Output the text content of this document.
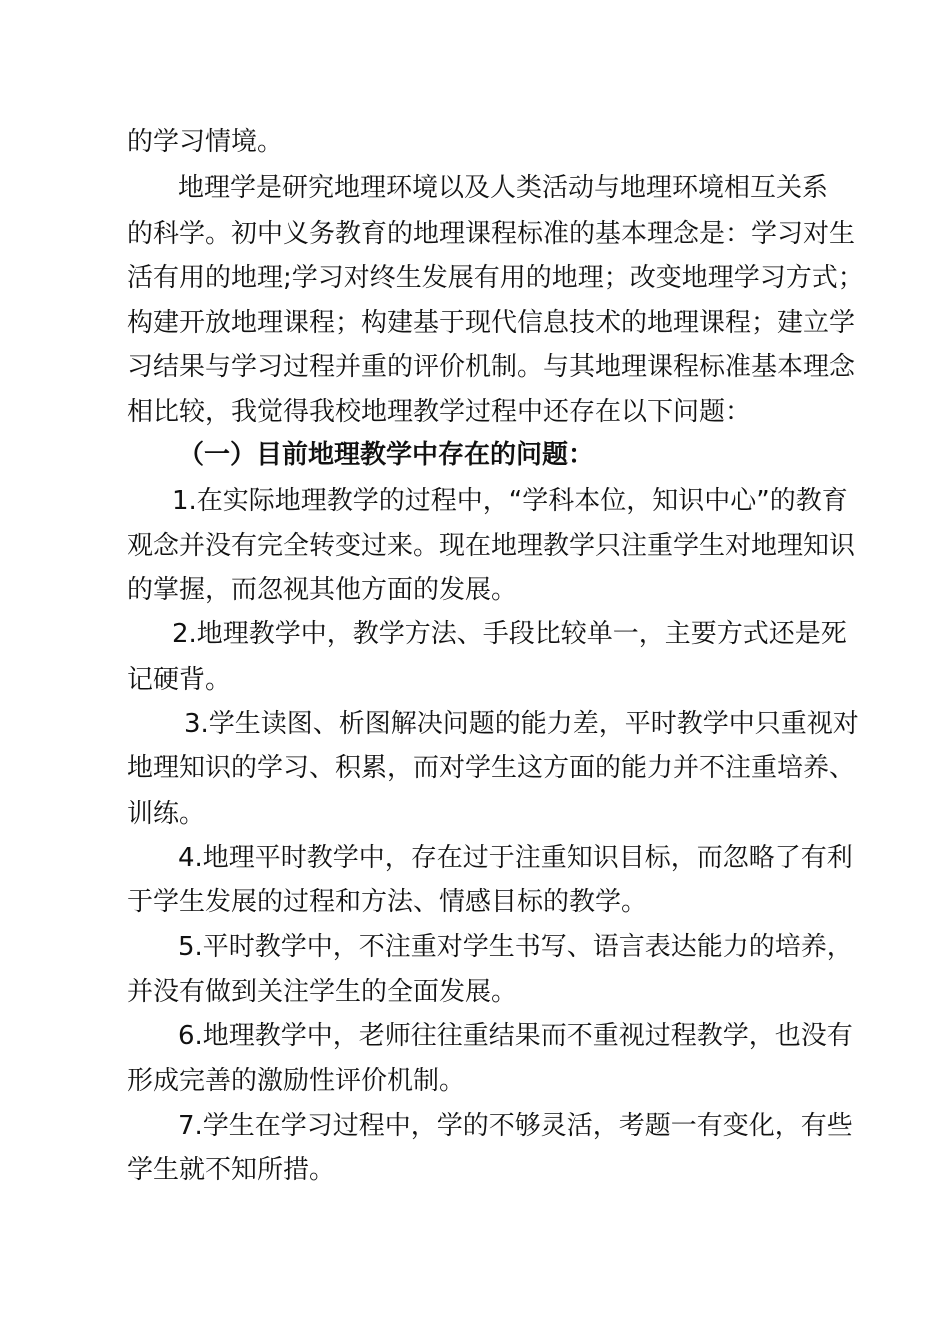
的学习情境。
地理学是研究地理环境以及人类活动与地理环境相互关系
的科学。初中义务教育的地理课程标准的基本理念是：学习对生
活有用的地理;学习对终生发展有用的地理；改变地理学习方式；
构建开放地理课程；构建基于现代信息技术的地理课程；建立学
习结果与学习过程并重的评价机制。与其地理课程标准基本理念
相比较，我觉得我校地理教学过程中还存在以下问题：
（一）目前地理教学中存在的问题：
1.在实际地理教学的过程中，“学科本位，知识中心”的教育
观念并没有完全转变过来。现在地理教学只注重学生对地理知识
的掌握，而忽视其他方面的发展。
2.地理教学中，教学方法、手段比较单一，主要方式还是死
记硬背。
3.学生读图、析图解决问题的能力差，平时教学中只重视对
地理知识的学习、积累，而对学生这方面的能力并不注重培养、
训练。
4.地理平时教学中，存在过于注重知识目标，而忽略了有利
于学生发展的过程和方法、情感目标的教学。
5.平时教学中，不注重对学生书写、语言表达能力的培养，
并没有做到关注学生的全面发展。
6.地理教学中，老师往往重结果而不重视过程教学，也没有
形成完善的激励性评价机制。
7.学生在学习过程中，学的不够灵活，考题一有变化，有些
学生就不知所措。
